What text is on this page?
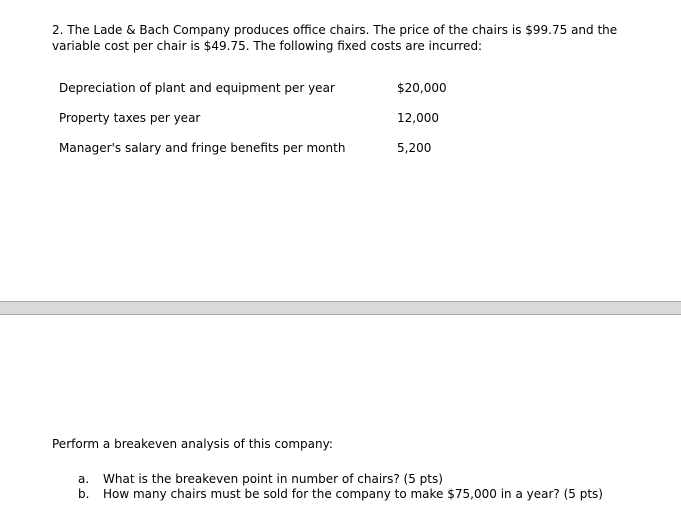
2. The Lade & Bach Company produces office chairs. The price of the chairs is $99.75 and the
variable cost per chair is $49.75. The following fixed costs are incurred:
Depreciation of plant and equipment per year	$20,000
Property taxes per year	12,000
Manager's salary and fringe benefits per month	5,200
Perform a breakeven analysis of this company:
a. What is the breakeven point in number of chairs? (5 pts)
b. How many chairs must be sold for the company to make $75,000 in a year? (5 pts)
